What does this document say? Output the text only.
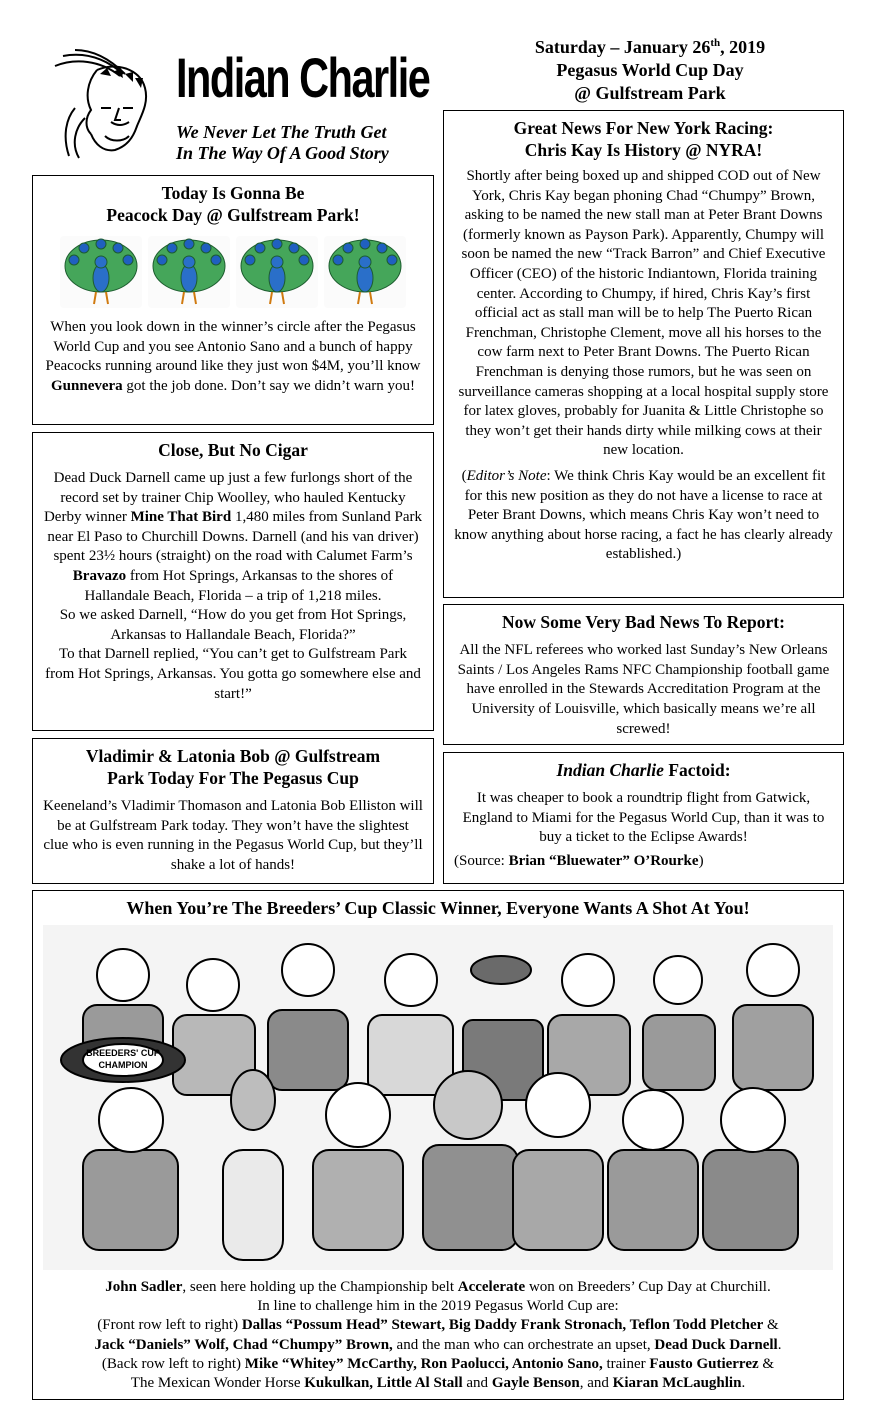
Indian Charlie
We Never Let The Truth Get
In The Way Of A Good Story
Saturday – January 26th, 2019
Pegasus World Cup Day
@ Gulfstream Park
Today Is Gonna Be
Peacock Day @ Gulfstream Park!

When you look down in the winner’s circle after the Pegasus World Cup and you see Antonio Sano and a bunch of happy Peacocks running around like they just won $4M, you’ll know Gunnevera got the job done. Don’t say we didn’t warn you!

Close, But No Cigar

Dead Duck Darnell came up just a few furlongs short of the record set by trainer Chip Woolley, who hauled Kentucky Derby winner Mine That Bird 1,480 miles from Sunland Park near El Paso to Churchill Downs. Darnell (and his van driver) spent 23½ hours (straight) on the road with Calumet Farm’s Bravazo from Hot Springs, Arkansas to the shores of Hallandale Beach, Florida – a trip of 1,218 miles.

So we asked Darnell, “How do you get from Hot Springs, Arkansas to Hallandale Beach, Florida?”

To that Darnell replied, “You can’t get to Gulfstream Park from Hot Springs, Arkansas. You gotta go somewhere else and start!”

Vladimir & Latonia Bob @ Gulfstream
Park Today For The Pegasus Cup

Keeneland’s Vladimir Thomason and Latonia Bob Elliston will be at Gulfstream Park today. They won’t have the slightest clue who is even running in the Pegasus World Cup, but they’ll shake a lot of hands!

Great News For New York Racing:
Chris Kay Is History @ NYRA!

Shortly after being boxed up and shipped COD out of New York, Chris Kay began phoning Chad “Chumpy” Brown, asking to be named the new stall man at Peter Brant Downs (formerly known as Payson Park). Apparently, Chumpy will soon be named the new “Track Barron” and Chief Executive Officer (CEO) of the historic Indiantown, Florida training center. According to Chumpy, if hired, Chris Kay’s first official act as stall man will be to help The Puerto Rican Frenchman, Christophe Clement, move all his horses to the cow farm next to Peter Brant Downs. The Puerto Rican Frenchman is denying those rumors, but he was seen on surveillance cameras shopping at a local hospital supply store for latex gloves, probably for Juanita & Little Christophe so they won’t get their hands dirty while milking cows at their new location.

(Editor’s Note: We think Chris Kay would be an excellent fit for this new position as they do not have a license to race at Peter Brant Downs, which means Chris Kay won’t need to know anything about horse racing, a fact he has clearly already established.)

Now Some Very Bad News To Report:

All the NFL referees who worked last Sunday’s New Orleans Saints / Los Angeles Rams NFC Championship football game have enrolled in the Stewards Accreditation Program at the University of Louisville, which basically means we’re all screwed!

Indian Charlie Factoid:

It was cheaper to book a roundtrip flight from Gatwick, England to Miami for the Pegasus World Cup, than it was to buy a ticket to the Eclipse Awards!

(Source: Brian “Bluewater” O’Rourke)

When You’re The Breeders’ Cup Classic Winner, Everyone Wants A Shot At You!
BREEDERS' CUP
CHAMPION

John Sadler, seen here holding up the Championship belt Accelerate won on Breeders’ Cup Day at Churchill.

In line to challenge him in the 2019 Pegasus World Cup are:

(Front row left to right) Dallas “Possum Head” Stewart, Big Daddy Frank Stronach, Teflon Todd Pletcher &

Jack “Daniels” Wolf, Chad “Chumpy” Brown, and the man who can orchestrate an upset, Dead Duck Darnell.

(Back row left to right) Mike “Whitey” McCarthy, Ron Paolucci, Antonio Sano, trainer Fausto Gutierrez &

The Mexican Wonder Horse Kukulkan, Little Al Stall and Gayle Benson, and Kiaran McLaughlin.
